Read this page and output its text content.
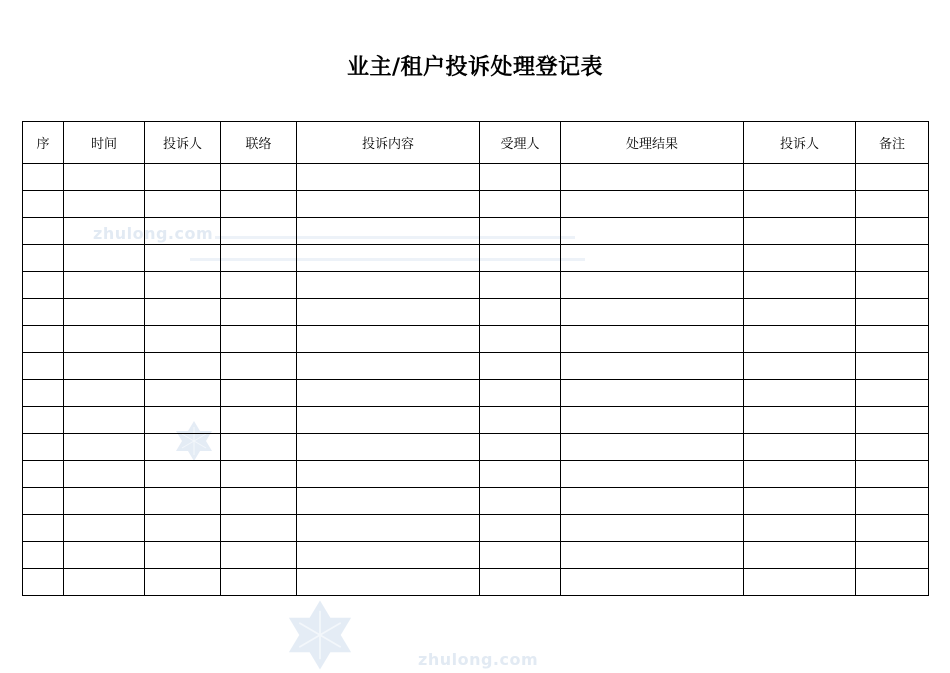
业主/租户投诉处理登记表
zhulong.com
序	时间	投诉人	联络	投诉内容	受理人	处理结果	投诉人	备注

zhulong.com
